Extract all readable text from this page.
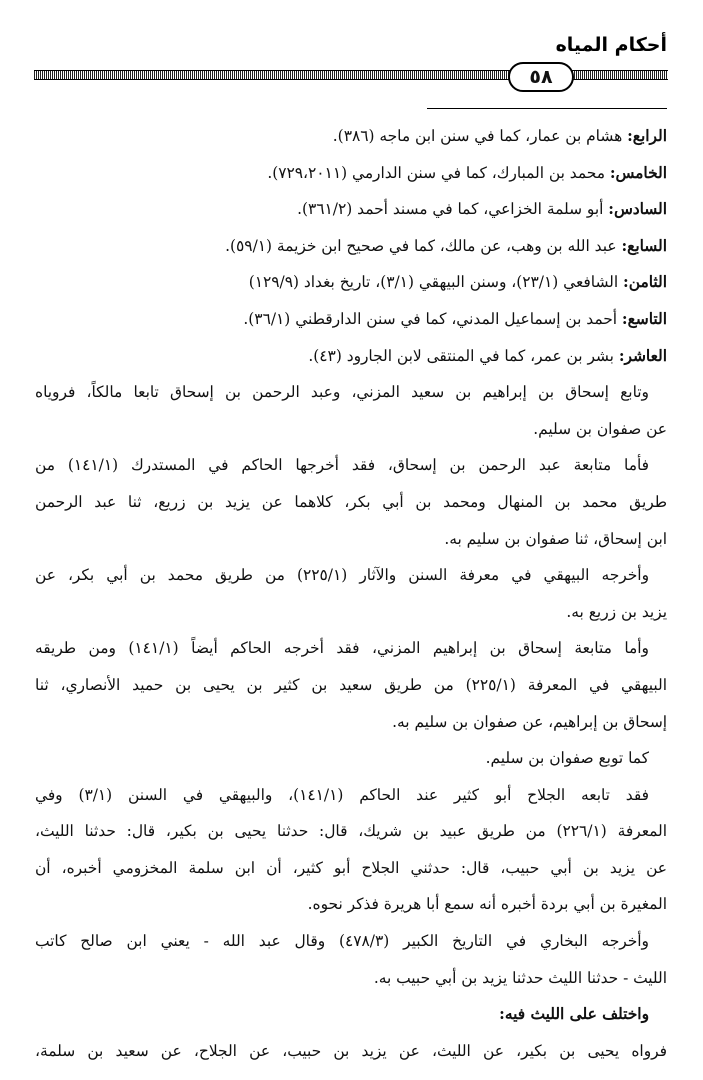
أحكام المياه
٥٨

الرابع: هشام بن عمار، كما في سنن ابن ماجه (٣٨٦).

الخامس: محمد بن المبارك، كما في سنن الدارمي (٧٢٩،٢٠١١).

السادس: أبو سلمة الخزاعي، كما في مسند أحمد (٣٦١/٢).

السابع: عبد الله بن وهب، عن مالك، كما في صحيح ابن خزيمة (٥٩/١).

الثامن: الشافعي (٢٣/١)، وسنن البيهقي (٣/١)، تاريخ بغداد (١٢٩/٩)

التاسع: أحمد بن إسماعيل المدني، كما في سنن الدارقطني (٣٦/١).

العاشر: بشر بن عمر، كما في المنتقى لابن الجارود (٤٣).

وتابع إسحاق بن إبراهيم بن سعيد المزني، وعبد الرحمن بن إسحاق تابعا مالكاً، فروياه

عن صفوان بن سليم.

فأما متابعة عبد الرحمن بن إسحاق، فقد أخرجها الحاكم في المستدرك (١٤١/١) من

طريق محمد بن المنهال ومحمد بن أبي بكر، كلاهما عن يزيد بن زريع، ثنا عبد الرحمن

ابن إسحاق، ثنا صفوان بن سليم به.

وأخرجه البيهقي في معرفة السنن والآثار (٢٢٥/١) من طريق محمد بن أبي بكر، عن

يزيد بن زريع به.

وأما متابعة إسحاق بن إبراهيم المزني، فقد أخرجه الحاكم أيضاً (١٤١/١) ومن طريقه

البيهقي في المعرفة (٢٢٥/١) من طريق سعيد بن كثير بن يحيى بن حميد الأنصاري، ثنا

إسحاق بن إبراهيم، عن صفوان بن سليم به.

كما توبع صفوان بن سليم.

فقد تابعه الجلاح أبو كثير عند الحاكم (١٤١/١)، والبيهقي في السنن (٣/١) وفي

المعرفة (٢٢٦/١) من طريق عبيد بن شريك، قال: حدثنا يحيى بن بكير، قال: حدثنا الليث،

عن يزيد بن أبي حبيب، قال: حدثني الجلاح أبو كثير، أن ابن سلمة المخزومي أخبره، أن

المغيرة بن أبي بردة أخبره أنه سمع أبا هريرة فذكر نحوه.

وأخرجه البخاري في التاريخ الكبير (٤٧٨/٣) وقال عبد الله - يعني ابن صالح كاتب

الليث - حدثنا الليث حدثنا يزيد بن أبي حبيب به.

واختلف على الليث فيه:

فرواه يحيى بن بكير، عن الليث، عن يزيد بن حبيب، عن الجلاح، عن سعيد بن سلمة،
